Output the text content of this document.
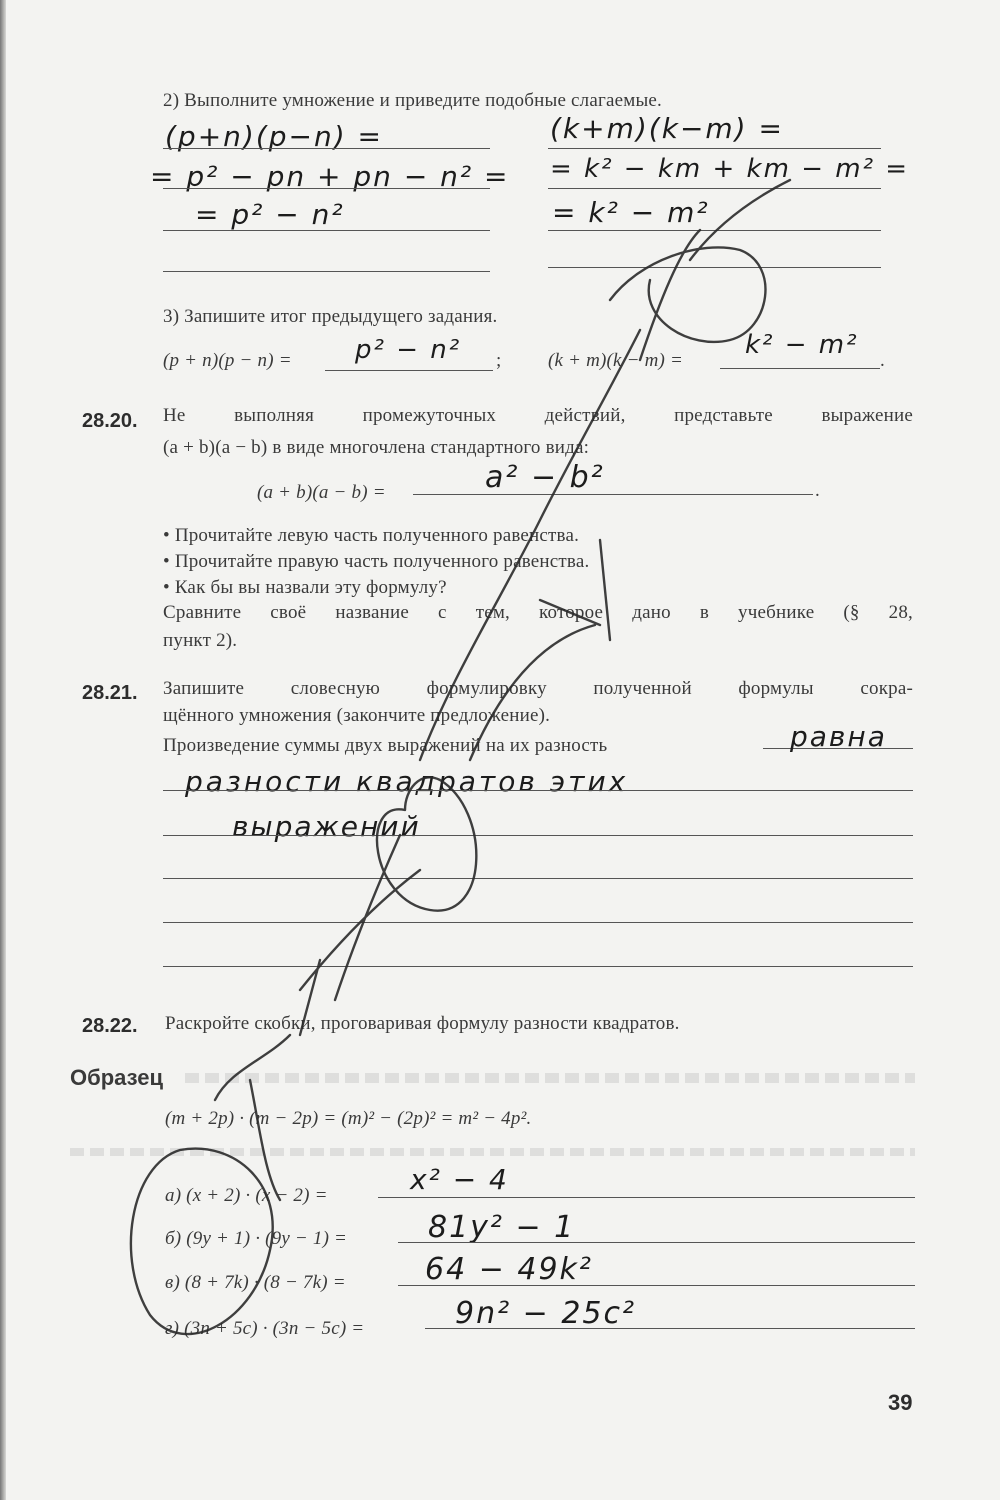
2) Выполните умножение и приведите подобные слагаемые.
(p+n)(p−n) =
= p² − pn + pn − n² =
= p² − n²
(k+m)(k−m) =
= k² − km + km − m² =
= k² − m²
3) Запишите итог предыдущего задания.
(p + n)(p − n) = p² − n² ; (k + m)(k − m) =
k² − m²
.
28.20. Не выполняя промежуточных действий, представьте выражение
(a + b)(a − b) в виде многочлена стандартного вида:
(a + b)(a − b) =	a² − b²	.
• Прочитайте левую часть полученного равенства.
• Прочитайте правую часть полученного равенства.
• Как бы вы назвали эту формулу?
Сравните своё название с тем, которое дано в учебнике (§ 28,
пункт 2).
28.21. Запишите словесную формулировку полученной формулы сокра-
щённого умножения (закончите предложение).
Произведение суммы двух выражений на их разность	равна
разности квадратов этих
выражений
28.22. Раскройте скобки, проговаривая формулу разности квадратов.
Образец
(m + 2p) · (m − 2p) = (m)² − (2p)² = m² − 4p².
а) (x + 2) · (x − 2) =	x² − 4
б) (9y + 1) · (9y − 1) =	81y² − 1
в) (8 + 7k) · (8 − 7k) =	64 − 49k²
г) (3n + 5c) · (3n − 5c) =	9n² − 25c²
39
